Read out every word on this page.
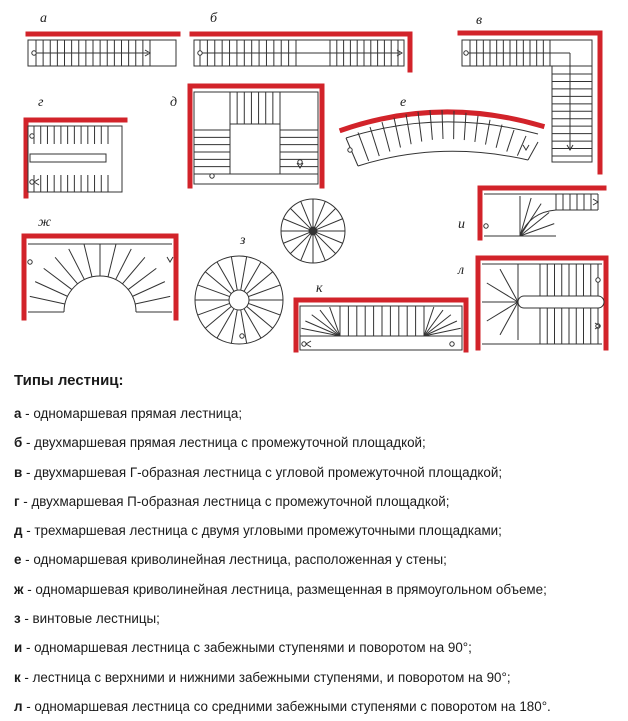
а	б	в
г	д	е
ж
з
и
к
л
Типы лестниц:
а - одномаршевая прямая лестница;
б - двухмаршевая прямая лестница с промежуточной площадкой;
в - двухмаршевая Г-образная лестница с угловой промежуточной площадкой;
г - двухмаршевая П-образная лестница с промежуточной площадкой;
д - трехмаршевая лестница с двумя угловыми промежуточными площадками;
е - одномаршевая криволинейная лестница, расположенная у стены;
ж - одномаршевая криволинейная лестница, размещенная в прямоугольном объеме;
з - винтовые лестницы;
и - одномаршевая лестница с забежными ступенями и поворотом на 90°;
к - лестница с верхними и нижними забежными ступенями, и поворотом на 90°;
л - одномаршевая лестница со средними забежными ступенями с поворотом на 180°.
